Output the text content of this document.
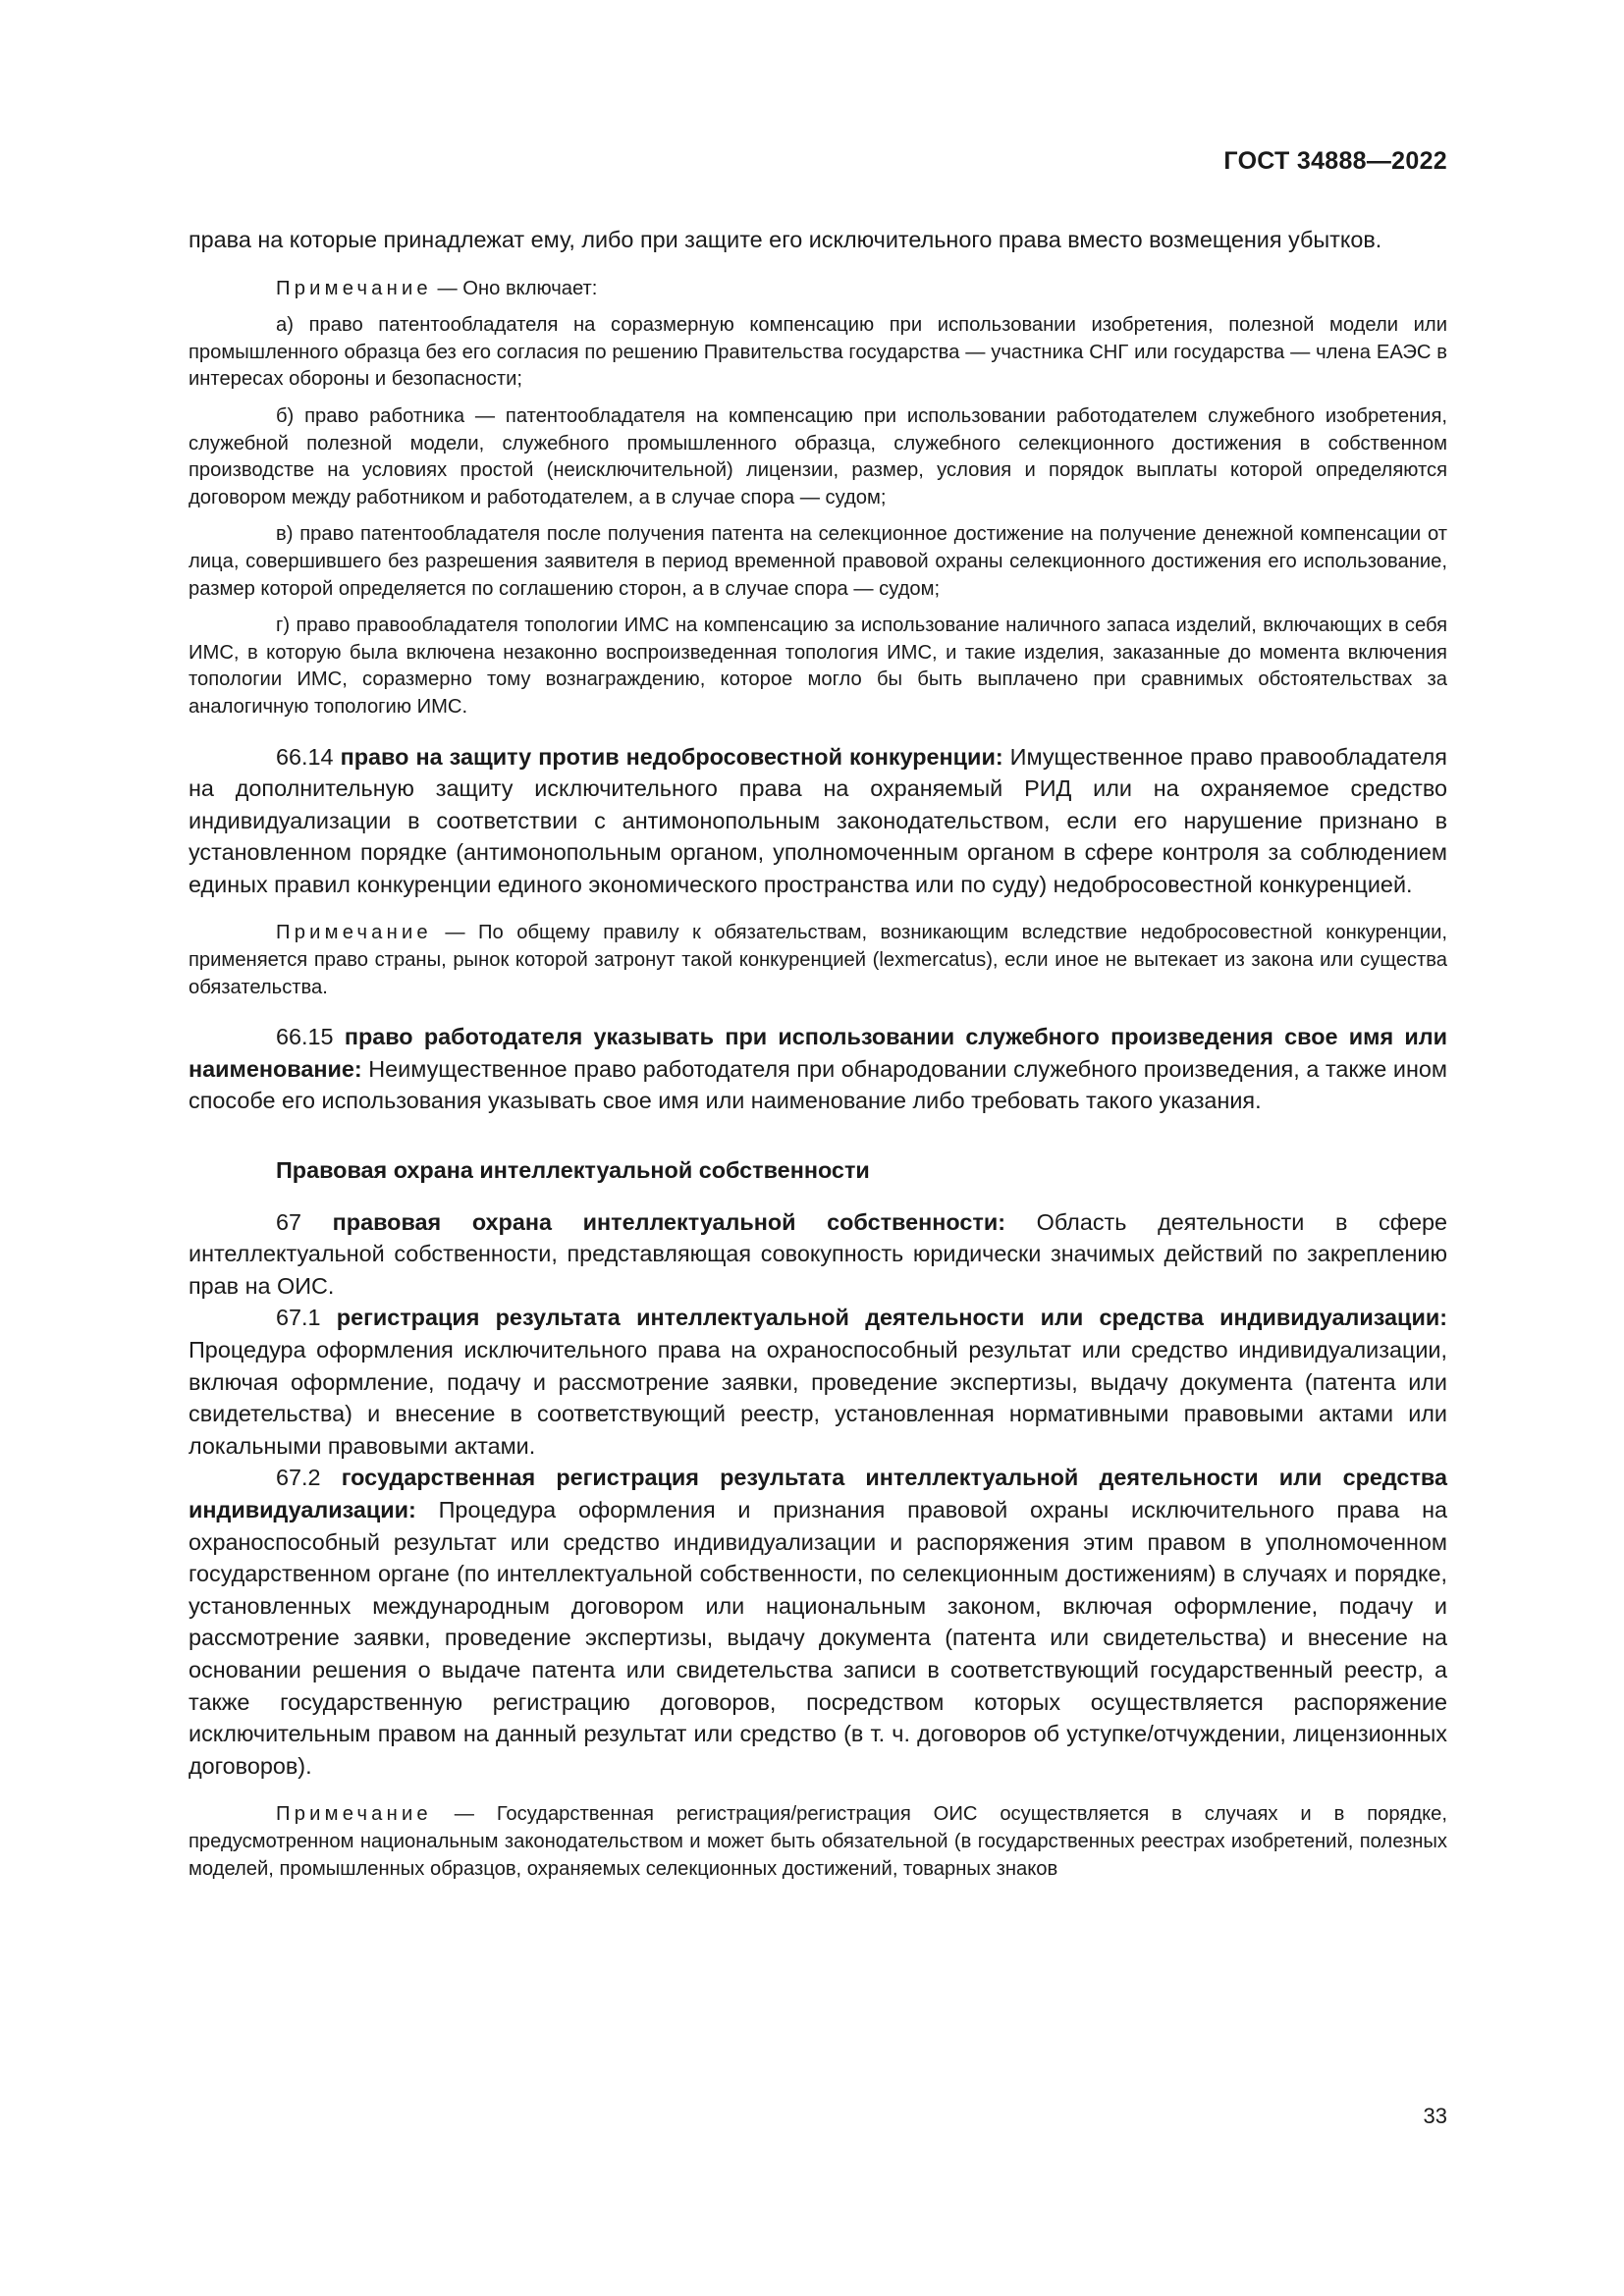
ГОСТ 34888—2022

права на которые принадлежат ему, либо при защите его исключительного права вместо возмещения убытков.

Примечание — Оно включает:

а) право патентообладателя на соразмерную компенсацию при использовании изобретения, полезной модели или промышленного образца без его согласия по решению Правительства государства — участника СНГ или государства — члена ЕАЭС в интересах обороны и безопасности;

б) право работника — патентообладателя на компенсацию при использовании работодателем служебного изобретения, служебной полезной модели, служебного промышленного образца, служебного селекционного достижения в собственном производстве на условиях простой (неисключительной) лицензии, размер, условия и порядок выплаты которой определяются договором между работником и работодателем, а в случае спора — судом;

в) право патентообладателя после получения патента на селекционное достижение на получение денежной компенсации от лица, совершившего без разрешения заявителя в период временной правовой охраны селекционного достижения его использование, размер которой определяется по соглашению сторон, а в случае спора — судом;

г) право правообладателя топологии ИМС на компенсацию за использование наличного запаса изделий, включающих в себя ИМС, в которую была включена незаконно воспроизведенная топология ИМС, и такие изделия, заказанные до момента включения топологии ИМС, соразмерно тому вознаграждению, которое могло бы быть выплачено при сравнимых обстоятельствах за аналогичную топологию ИМС.

66.14 право на защиту против недобросовестной конкуренции: Имущественное право правообладателя на дополнительную защиту исключительного права на охраняемый РИД или на охраняемое средство индивидуализации в соответствии с антимонопольным законодательством, если его нарушение признано в установленном порядке (антимонопольным органом, уполномоченным органом в сфере контроля за соблюдением единых правил конкуренции единого экономического пространства или по суду) недобросовестной конкуренцией.

Примечание — По общему правилу к обязательствам, возникающим вследствие недобросовестной конкуренции, применяется право страны, рынок которой затронут такой конкуренцией (lexmercatus), если иное не вытекает из закона или существа обязательства.

66.15 право работодателя указывать при использовании служебного произведения свое имя или наименование: Неимущественное право работодателя при обнародовании служебного произведения, а также ином способе его использования указывать свое имя или наименование либо требовать такого указания.

Правовая охрана интеллектуальной собственности

67 правовая охрана интеллектуальной собственности: Область деятельности в сфере интеллектуальной собственности, представляющая совокупность юридически значимых действий по закреплению прав на ОИС.

67.1 регистрация результата интеллектуальной деятельности или средства индивидуализации: Процедура оформления исключительного права на охраноспособный результат или средство индивидуализации, включая оформление, подачу и рассмотрение заявки, проведение экспертизы, выдачу документа (патента или свидетельства) и внесение в соответствующий реестр, установленная нормативными правовыми актами или локальными правовыми актами.

67.2 государственная регистрация результата интеллектуальной деятельности или средства индивидуализации: Процедура оформления и признания правовой охраны исключительного права на охраноспособный результат или средство индивидуализации и распоряжения этим правом в уполномоченном государственном органе (по интеллектуальной собственности, по селекционным достижениям) в случаях и порядке, установленных международным договором или национальным законом, включая оформление, подачу и рассмотрение заявки, проведение экспертизы, выдачу документа (патента или свидетельства) и внесение на основании решения о выдаче патента или свидетельства записи в соответствующий государственный реестр, а также государственную регистрацию договоров, посредством которых осуществляется распоряжение исключительным правом на данный результат или средство (в т. ч. договоров об уступке/отчуждении, лицензионных договоров).

Примечание — Государственная регистрация/регистрация ОИС осуществляется в случаях и в порядке, предусмотренном национальным законодательством и может быть обязательной (в государственных реестрах изобретений, полезных моделей, промышленных образцов, охраняемых селекционных достижений, товарных знаков

33
